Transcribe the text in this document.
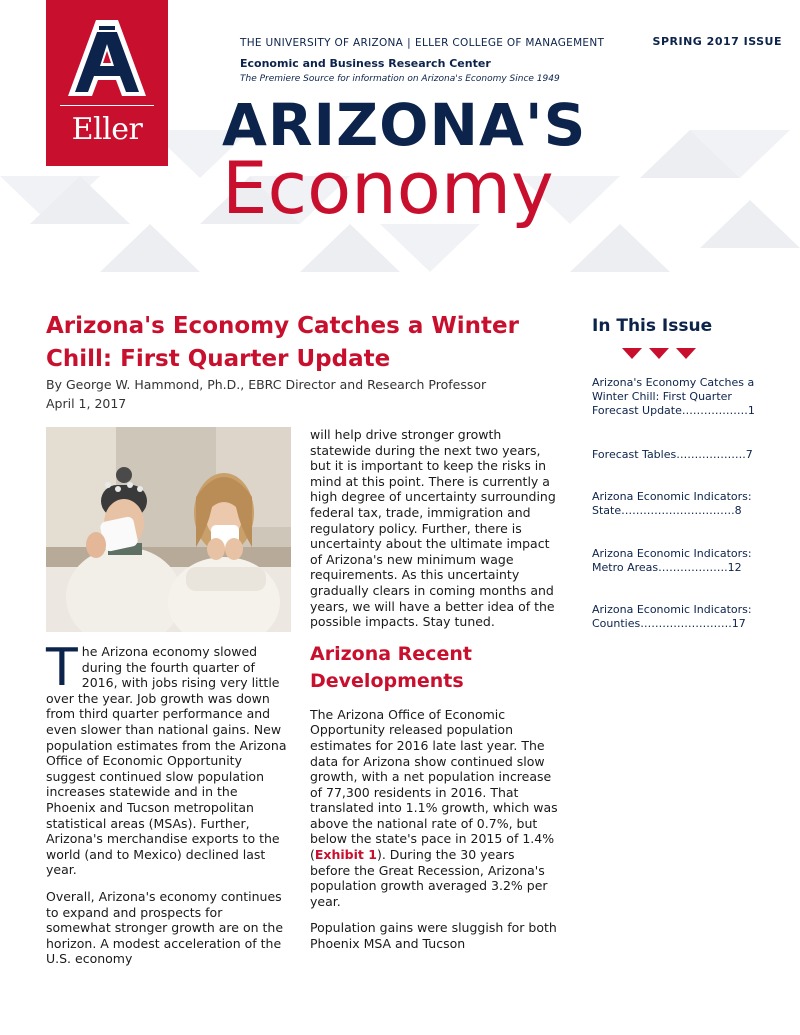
Eller
THE UNIVERSITY OF ARIZONA | ELLER COLLEGE OF MANAGEMENT	SPRING 2017 ISSUE
Economic and Business Research Center
The Premiere Source for information on Arizona's Economy Since 1949
ARIZONA'S
Economy
Arizona's Economy Catches a Winter Chill: First Quarter Update
By George W. Hammond, Ph.D., EBRC Director and Research Professor
April 1, 2017

The Arizona economy slowed during the fourth quarter of 2016, with jobs rising very little over the year. Job growth was down from third quarter performance and even slower than national gains. New population estimates from the Arizona Office of Economic Opportunity suggest continued slow population increases statewide and in the Phoenix and Tucson metropolitan statistical areas (MSAs). Further, Arizona's merchandise exports to the world (and to Mexico) declined last year.

Overall, Arizona's economy continues to expand and prospects for somewhat stronger growth are on the horizon. A modest acceleration of the U.S. economy

will help drive stronger growth statewide during the next two years, but it is important to keep the risks in mind at this point. There is currently a high degree of uncertainty surrounding federal tax, trade, immigration and regulatory policy. Further, there is uncertainty about the ultimate impact of Arizona's new minimum wage requirements. As this uncertainty gradually clears in coming months and years, we will have a better idea of the possible impacts. Stay tuned.

Arizona Recent Developments

The Arizona Office of Economic Opportunity released population estimates for 2016 late last year. The data for Arizona show continued slow growth, with a net population increase of 77,300 residents in 2016. That translated into 1.1% growth, which was above the national rate of 0.7%, but below the state's pace in 2015 of 1.4% (Exhibit 1). During the 30 years before the Great Recession, Arizona's population growth averaged 3.2% per year.

Population gains were sluggish for both Phoenix MSA and Tucson

In This Issue
Arizona's Economy Catches a Winter Chill: First Quarter Forecast Update………………1
Forecast Tables……………….7
Arizona Economic Indicators: State………………………….8
Arizona Economic Indicators: Metro Areas……………….12
Arizona Economic Indicators: Counties…………………….17
